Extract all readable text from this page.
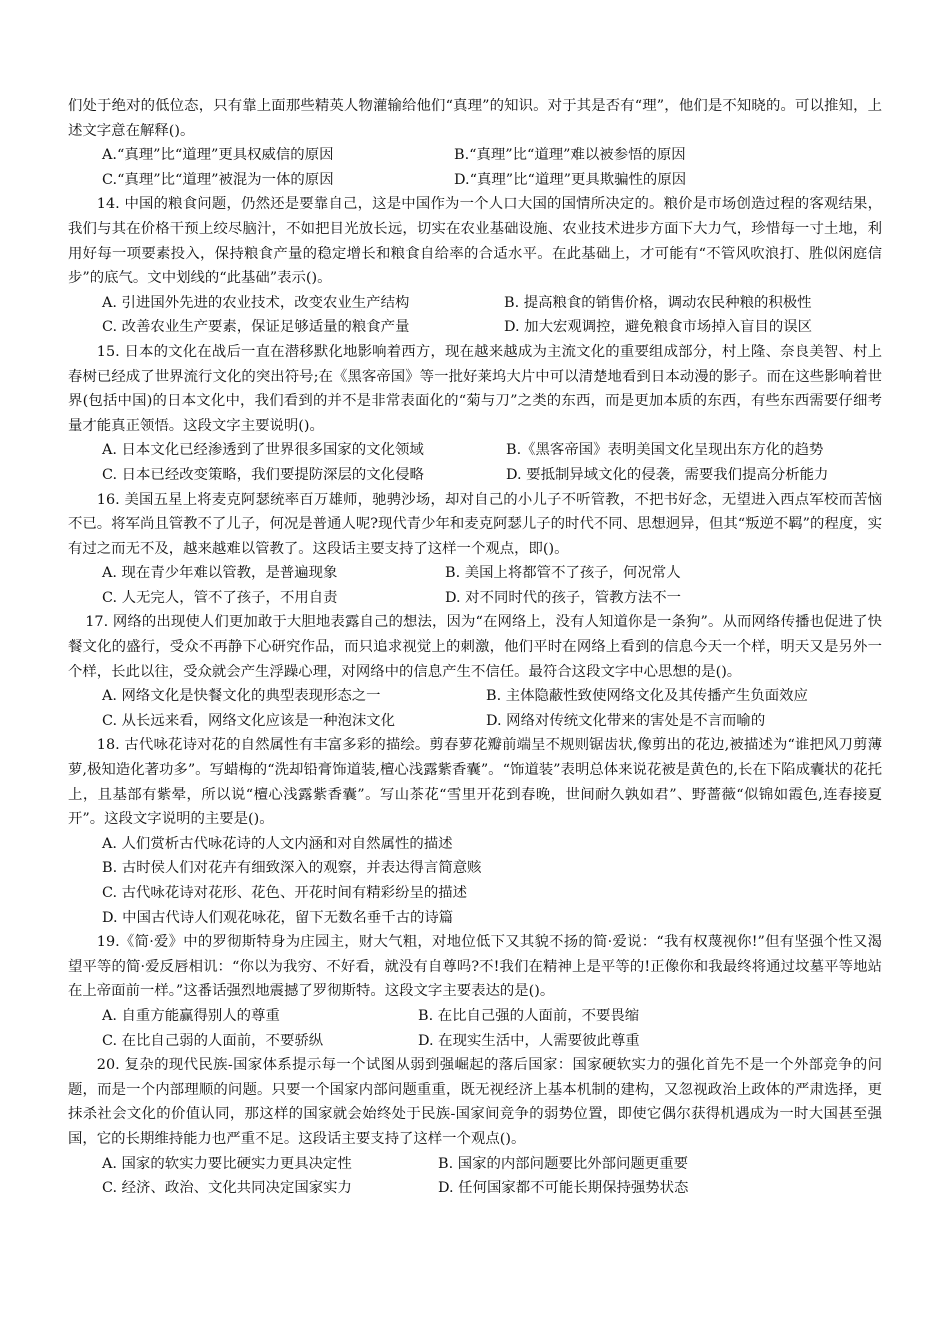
们处于绝对的低位态，只有靠上面那些精英人物灌输给他们“真理”的知识。对于其是否有“理”，他们是不知晓的。可以推知，上述文字意在解释()。

A.“真理”比“道理”更具权威信的原因	B.“真理”比“道理”难以被参悟的原因
C.“真理”比“道理”被混为一体的原因	D.“真理”比“道理”更具欺骗性的原因

14. 中国的粮食问题，仍然还是要靠自己，这是中国作为一个人口大国的国情所决定的。粮价是市场创造过程的客观结果，我们与其在价格干预上绞尽脑汁，不如把目光放长远，切实在农业基础设施、农业技术进步方面下大力气，珍惜每一寸土地，利用好每一项要素投入，保持粮食产量的稳定增长和粮食自给率的合适水平。在此基础上，才可能有“不管风吹浪打、胜似闲庭信步”的底气。文中划线的“此基础”表示()。

A. 引进国外先进的农业技术，改变农业生产结构	B. 提高粮食的销售价格，调动农民种粮的积极性
C. 改善农业生产要素，保证足够适量的粮食产量	D. 加大宏观调控，避免粮食市场掉入盲目的误区

15. 日本的文化在战后一直在潜移默化地影响着西方，现在越来越成为主流文化的重要组成部分，村上隆、奈良美智、村上春树已经成了世界流行文化的突出符号;在《黑客帝国》等一批好莱坞大片中可以清楚地看到日本动漫的影子。而在这些影响着世界(包括中国)的日本文化中，我们看到的并不是非常表面化的“菊与刀”之类的东西，而是更加本质的东西，有些东西需要仔细考量才能真正领悟。这段文字主要说明()。

A. 日本文化已经渗透到了世界很多国家的文化领域	B.《黑客帝国》表明美国文化呈现出东方化的趋势
C. 日本已经改变策略，我们要提防深层的文化侵略	D. 要抵制异域文化的侵袭，需要我们提高分析能力

16. 美国五星上将麦克阿瑟统率百万雄师，驰骋沙场，却对自己的小儿子不听管教，不把书好念，无望进入西点军校而苦恼不已。将军尚且管教不了儿子，何况是普通人呢?现代青少年和麦克阿瑟儿子的时代不同、思想迥异，但其“叛逆不羁”的程度，实有过之而无不及，越来越难以管教了。这段话主要支持了这样一个观点，即()。

A. 现在青少年难以管教，是普遍现象	B. 美国上将都管不了孩子，何况常人
C. 人无完人，管不了孩子，不用自责	D. 对不同时代的孩子，管教方法不一

17. 网络的出现使人们更加敢于大胆地表露自己的想法，因为“在网络上，没有人知道你是一条狗”。从而网络传播也促进了快餐文化的盛行，受众不再静下心研究作品，而只追求视觉上的刺激，他们平时在网络上看到的信息今天一个样，明天又是另外一个样，长此以往，受众就会产生浮躁心理，对网络中的信息产生不信任。最符合这段文字中心思想的是()。

A. 网络文化是快餐文化的典型表现形态之一	B. 主体隐蔽性致使网络文化及其传播产生负面效应
C. 从长远来看，网络文化应该是一种泡沫文化	D. 网络对传统文化带来的害处是不言而喻的

18. 古代咏花诗对花的自然属性有丰富多彩的描绘。剪春萝花瓣前端呈不规则锯齿状,像剪出的花边,被描述为“谁把风刀剪薄萝,极知造化著功多”。写蜡梅的“洗却铅膏饰道装,檀心浅露紫香囊”。“饰道装”表明总体来说花被是黄色的,长在下陷成囊状的花托上，且基部有紫晕，所以说“檀心浅露紫香囊”。写山茶花“雪里开花到春晚，世间耐久孰如君”、野蔷薇“似锦如霞色,连春接夏开”。这段文字说明的主要是()。

A. 人们赏析古代咏花诗的人文内涵和对自然属性的描述
B. 古时侯人们对花卉有细致深入的观察，并表达得言简意赅
C. 古代咏花诗对花形、花色、开花时间有精彩纷呈的描述
D. 中国古代诗人们观花咏花，留下无数名垂千古的诗篇

19.《简·爱》中的罗彻斯特身为庄园主，财大气粗，对地位低下又其貌不扬的简·爱说：“我有权蔑视你!”但有坚强个性又渴望平等的简·爱反唇相讥：“你以为我穷、不好看，就没有自尊吗?不!我们在精神上是平等的!正像你和我最终将通过坟墓平等地站在上帝面前一样。”这番话强烈地震撼了罗彻斯特。这段文字主要表达的是()。

A. 自重方能赢得别人的尊重	B. 在比自己强的人面前，不要畏缩
C. 在比自己弱的人面前，不要骄纵	D. 在现实生活中，人需要彼此尊重

20. 复杂的现代民族-国家体系提示每一个试图从弱到强崛起的落后国家：国家硬软实力的强化首先不是一个外部竞争的问题，而是一个内部理顺的问题。只要一个国家内部问题重重，既无视经济上基本机制的建构，又忽视政治上政体的严肃选择，更抹杀社会文化的价值认同，那这样的国家就会始终处于民族-国家间竞争的弱势位置，即使它偶尔获得机遇成为一时大国甚至强国，它的长期维持能力也严重不足。这段话主要支持了这样一个观点()。

A. 国家的软实力要比硬实力更具决定性	B. 国家的内部问题要比外部问题更重要
C. 经济、政治、文化共同决定国家实力	D. 任何国家都不可能长期保持强势状态
